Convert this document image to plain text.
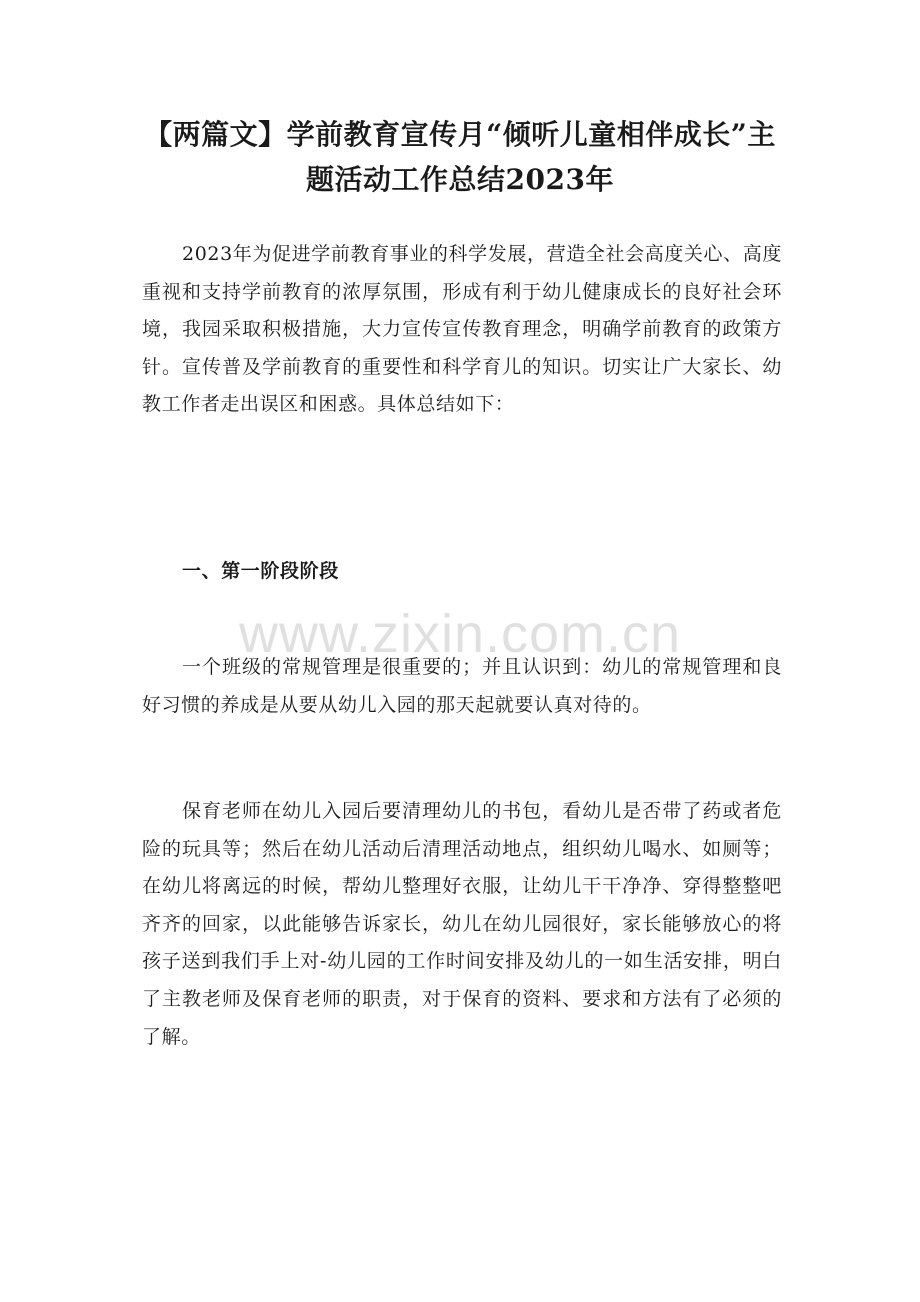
【两篇文】学前教育宣传月“倾听儿童相伴成长”主题活动工作总结2023年

2023年为促进学前教育事业的科学发展，营造全社会高度关心、高度重视和支持学前教育的浓厚氛围，形成有利于幼儿健康成长的良好社会环境，我园采取积极措施，大力宣传宣传教育理念，明确学前教育的政策方针。宣传普及学前教育的重要性和科学育儿的知识。切实让广大家长、幼教工作者走出误区和困惑。具体总结如下：

一、第一阶段阶段
www.zixin.com.cn

一个班级的常规管理是很重要的；并且认识到：幼儿的常规管理和良好习惯的养成是从要从幼儿入园的那天起就要认真对待的。

保育老师在幼儿入园后要清理幼儿的书包，看幼儿是否带了药或者危险的玩具等；然后在幼儿活动后清理活动地点，组织幼儿喝水、如厕等；在幼儿将离远的时候，帮幼儿整理好衣服，让幼儿干干净净、穿得整整吧齐齐的回家，以此能够告诉家长，幼儿在幼儿园很好，家长能够放心的将孩子送到我们手上对-幼儿园的工作时间安排及幼儿的一如生活安排，明白了主教老师及保育老师的职责，对于保育的资料、要求和方法有了必须的了解。
